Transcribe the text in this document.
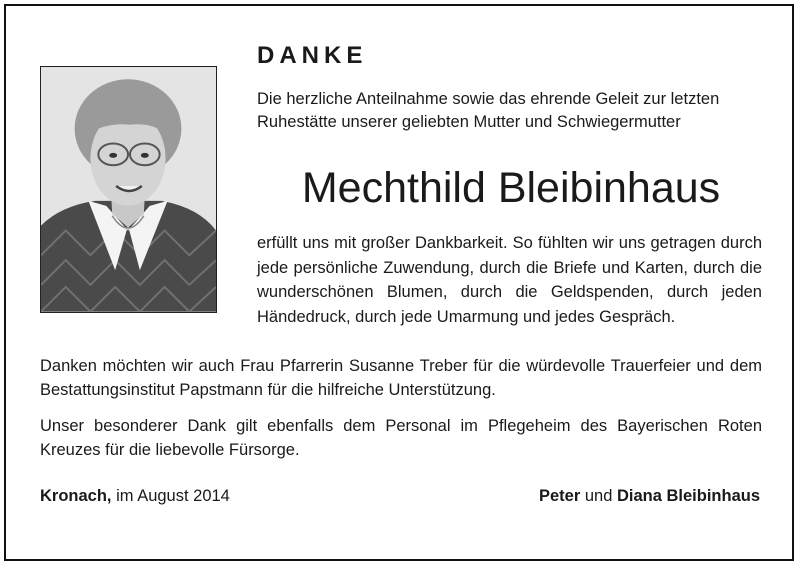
DANKE

Die herzliche Anteilnahme sowie das ehrende Geleit zur letzten Ruhestätte unserer geliebten Mutter und Schwiegermutter

Mechthild Bleibinhaus

erfüllt uns mit großer Dankbarkeit. So fühlten wir uns getragen durch jede persönliche Zuwendung, durch die Briefe und Karten, durch die wunderschönen Blumen, durch die Geldspenden, durch jeden Händedruck, durch jede Umarmung und jedes Gespräch.

Danken möchten wir auch Frau Pfarrerin Susanne Treber für die würdevolle Trauerfeier und dem Bestattungsinstitut Papstmann für die hilfreiche Unterstützung.

Unser besonderer Dank gilt ebenfalls dem Personal im Pflegeheim des Bayerischen Roten Kreuzes für die liebevolle Fürsorge.

Kronach, im August 2014	Peter und Diana Bleibinhaus
